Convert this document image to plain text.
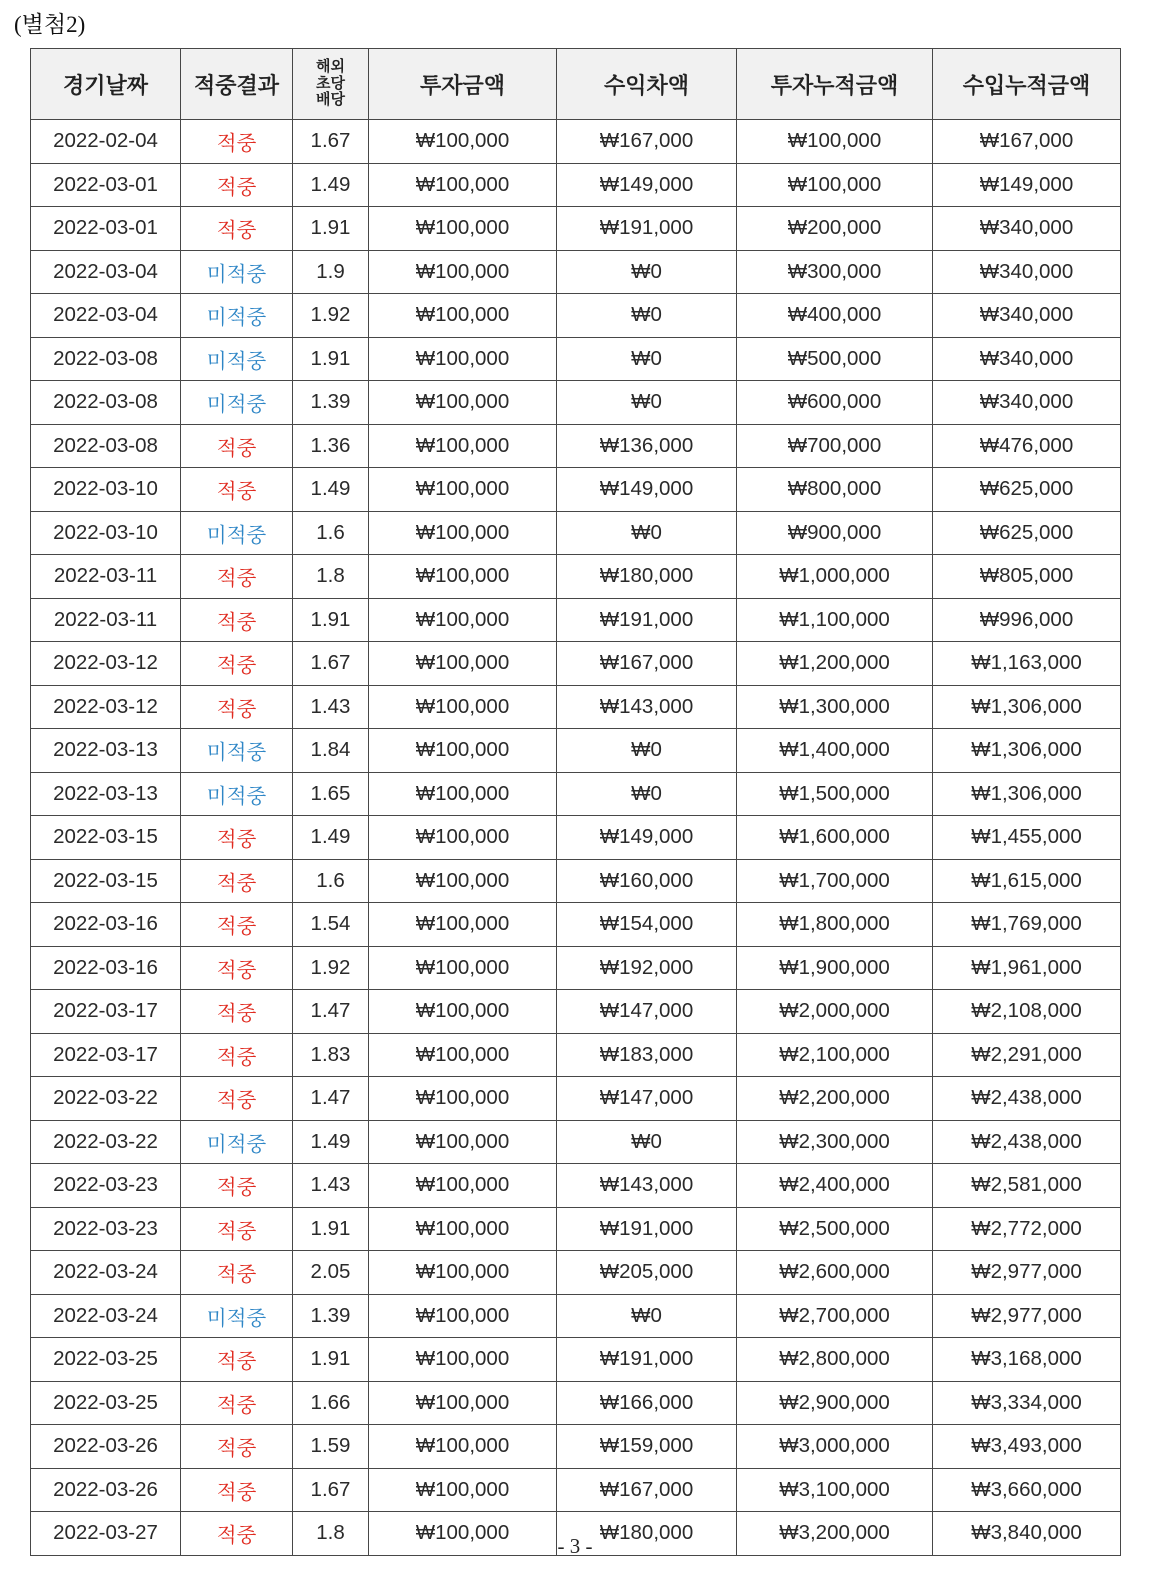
(별첨2)
경기날짜	적중결과	해외
초당
배당	투자금액	수익차액	투자누적금액	수입누적금액
2022-02-04	적중	1.67	₩100,000	₩167,000	₩100,000	₩167,000
2022-03-01	적중	1.49	₩100,000	₩149,000	₩100,000	₩149,000
2022-03-01	적중	1.91	₩100,000	₩191,000	₩200,000	₩340,000
2022-03-04	미적중	1.9	₩100,000	₩0	₩300,000	₩340,000
2022-03-04	미적중	1.92	₩100,000	₩0	₩400,000	₩340,000
2022-03-08	미적중	1.91	₩100,000	₩0	₩500,000	₩340,000
2022-03-08	미적중	1.39	₩100,000	₩0	₩600,000	₩340,000
2022-03-08	적중	1.36	₩100,000	₩136,000	₩700,000	₩476,000
2022-03-10	적중	1.49	₩100,000	₩149,000	₩800,000	₩625,000
2022-03-10	미적중	1.6	₩100,000	₩0	₩900,000	₩625,000
2022-03-11	적중	1.8	₩100,000	₩180,000	₩1,000,000	₩805,000
2022-03-11	적중	1.91	₩100,000	₩191,000	₩1,100,000	₩996,000
2022-03-12	적중	1.67	₩100,000	₩167,000	₩1,200,000	₩1,163,000
2022-03-12	적중	1.43	₩100,000	₩143,000	₩1,300,000	₩1,306,000
2022-03-13	미적중	1.84	₩100,000	₩0	₩1,400,000	₩1,306,000
2022-03-13	미적중	1.65	₩100,000	₩0	₩1,500,000	₩1,306,000
2022-03-15	적중	1.49	₩100,000	₩149,000	₩1,600,000	₩1,455,000
2022-03-15	적중	1.6	₩100,000	₩160,000	₩1,700,000	₩1,615,000
2022-03-16	적중	1.54	₩100,000	₩154,000	₩1,800,000	₩1,769,000
2022-03-16	적중	1.92	₩100,000	₩192,000	₩1,900,000	₩1,961,000
2022-03-17	적중	1.47	₩100,000	₩147,000	₩2,000,000	₩2,108,000
2022-03-17	적중	1.83	₩100,000	₩183,000	₩2,100,000	₩2,291,000
2022-03-22	적중	1.47	₩100,000	₩147,000	₩2,200,000	₩2,438,000
2022-03-22	미적중	1.49	₩100,000	₩0	₩2,300,000	₩2,438,000
2022-03-23	적중	1.43	₩100,000	₩143,000	₩2,400,000	₩2,581,000
2022-03-23	적중	1.91	₩100,000	₩191,000	₩2,500,000	₩2,772,000
2022-03-24	적중	2.05	₩100,000	₩205,000	₩2,600,000	₩2,977,000
2022-03-24	미적중	1.39	₩100,000	₩0	₩2,700,000	₩2,977,000
2022-03-25	적중	1.91	₩100,000	₩191,000	₩2,800,000	₩3,168,000
2022-03-25	적중	1.66	₩100,000	₩166,000	₩2,900,000	₩3,334,000
2022-03-26	적중	1.59	₩100,000	₩159,000	₩3,000,000	₩3,493,000
2022-03-26	적중	1.67	₩100,000	₩167,000	₩3,100,000	₩3,660,000
2022-03-27	적중	1.8	₩100,000	₩180,000	₩3,200,000	₩3,840,000
- 3 -
